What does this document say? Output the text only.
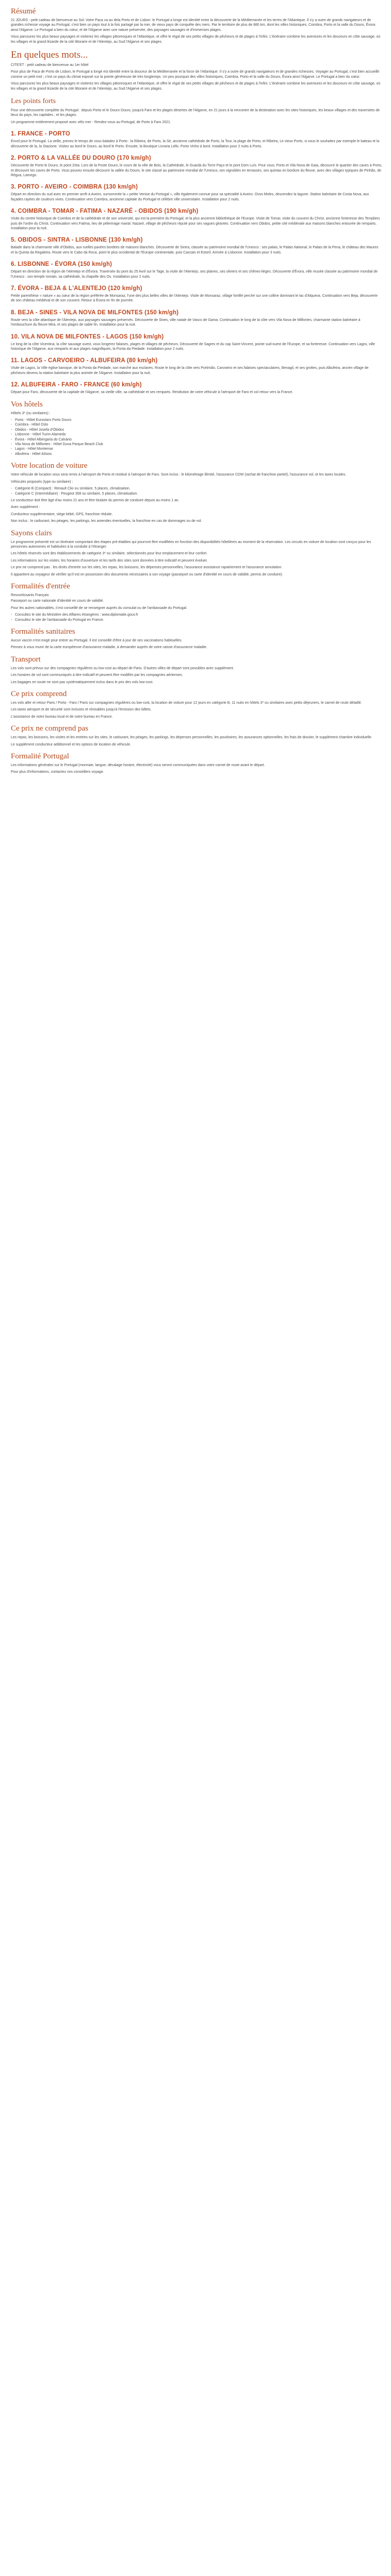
Résumé
21 JOURS - petit cadeau de bienvenue au Sol: Votre Paca va au dela Porto et de Lisbon: le Portugal a longe est identité entre la découverte de la Méditerranée et les terres de l'Atlantique. Il s'y a outre de grands navigateurs et de grandes richesse voyage au Portugal, c'est bien un pays tout à la fois partagé par la mer, de vieux pays de conquête des mers. Par le territoire de plus de 880 km, dont les villes historiques, Coimbra, Porto et la valle du Douro, Évora ainsi l'Algarve. Le Portugal a bien du cœur, et de l'Algarve avec une nature préservée, des paysages sauvages et d'immenses plages.
Vous parcourez les plus beaux paysages et visiterez les villages pittoresques et l'Atlantique, et offre le régal de ses petits villages de pêcheurs et de plages à l'infini. L'itinéraire combine les aventures et les douceurs en côte sauvage, où les villages et la grand lézarde de la cité littoraire et de l'Alentejo, au Sud l'Algarve et ses plages.
En quelques mots...
CITE'ET : petit cadeau de bienvenue au 1er hôtel
Pour plus de Paca de Porto de Lisbon, le Portugal a longé est identité entre la douceur de la Méditerranée et la force de l'Atlantique. Il s'y a outre de grands navigateurs et de grandes richesses. Voyager au Portugal, c'est bien accueillir comme un petit mot ; c'est un pays du climat exposé sur la pointe généreuse de très longtemps. Un peu pourquoi des villes historiques, Coimbra, Porto et la valle du Douro, Évora ainsi l'Algarve. Le Portugal a bien du cœur.
Vous parcourez les plus beaux paysages et visiterez les villages pittoresques et l'Atlantique, et offre le régal de ses petits villages de pêcheurs et de plages à l'infini. L'itinéraire combine les aventures et les douceurs en côte sauvage, où les villages et la grand lézarde de la cité littoraire et de l'Alentejo, au Sud l'Algarve et ses plages.
Les points forts
Pour une découverte complète du Portugal : depuis Porto et le Douro Douro, jusqu'à Faro et les plages désertes de l'Algarve, en 21 jours à la rencontre de la destination avec les sites historiques, les beaux villages et des traversées de lieux du pays, les capitales ; et les plages.
Un programme entièrement proposé avec vélo mer - Rendez-vous au Portugal, de Porto à Faro 2021.
1. FRANCE - PORTO
Envol pour le Portugal. La veille, prenez le temps de vous baladez à Porto : la Ribeira, de Porto, la Sé, ancienne cathédrale de Porto, la Tour, la plage de Porto, et Ribeira, Le vieux Porto, si vous le souhaitez par exemple le bateau et la découverte de la, la Stazione. Visitez au bord le Douro, au bord le Porto. Ensuite, la Boutique Livraria Lello. Porto Vinho à bord. Installation pour 2 nuits à Porto.
2. PORTO & LA VALLÉE DU DOURO (170 km/gh)
Découverte de Porto le Douro, le point Zeta. Lors de la Poste Douro, le cours de la ville de Bois, la Cathédrale, le Guarda du Torre Paço et le pont Dom Luís. Pour vous, Porto et Vila Nova de Gaia, découvrir le quartier des caves à Porto, et découvrir les caves de Porto. Vous pouvez ensuite découvrir la vallée du Douro, le site classé au patrimoine mondial de l'Unesco, ses vignobles en terrasses, ses quintas en bordure du fleuve, avec des villages typiques de Pinhão, de Régua, Lamego.
3. PORTO - AVEIRO - COIMBRA (130 km/gh)
Départ en direction du sud avec en premier arrêt à Aveiro, surnommée la « petite Venise du Portugal », ville également connue pour sa spécialité à Aveiro. Ovos Moles, descendez la lagune. Station balnéaire de Costa Nova, aux façades rayées de couleurs vives. Continuation vers Coimbra, ancienne capitale du Portugal et célèbre ville universitaire. Installation pour 2 nuits.
4. COIMBRA - TOMAR - FATIMA - NAZARÉ - OBIDOS (190 km/gh)
Visite du centre historique de Coimbra et de la cathédrale et de son université, qui est la première du Portugal, et la plus ancienne bibliothèque de l'Europe. Visite de Tomar, visite du couvent du Christ, ancienne forteresse des Templiers puis de l'ordre du Christ. Continuation vers Fatima, lieu de pèlerinage marial. Nazaré, village de pêcheurs réputé pour ses vagues géantes. Continuation vers Obidos, petite cité médiévale aux maisons blanches entourée de remparts. Installation pour la nuit.
5. OBIDOS - SINTRA - LISBONNE (130 km/gh)
Balade dans la charmante ville d'Obidos, aux ruelles pavées bordées de maisons blanches. Découverte de Sintra, classée au patrimoine mondial de l'Unesco : ses palais, le Palais National, le Palais de la Pena, le château des Maures et la Quinta da Regaleira. Route vers le Cabo da Roca, point le plus occidental de l'Europe continentale, puis Cascais et Estoril. Arrivée à Lisbonne. Installation pour 3 nuits.
6. LISBONNE - ÉVORA (150 km/gh)
Départ en direction de la région de l'Alentejo et d'Évora. Traversée du pont du 25 Avril sur le Tage, la visite de l'Alentejo, ses plaines, ses oliviers et ses chênes-lièges. Découverte d'Évora, ville musée classée au patrimoine mondial de l'Unesco : son temple romain, sa cathédrale, la chapelle des Os. Installation pour 2 nuits.
7. ÉVORA - BEJA & L'ALENTEJO (120 km/gh)
Petite parenthèse « nature » au cœur de la région préférée de Monsaraz, l'une des plus belles villes de l'Alentejo. Visite de Monsaraz, village fortifié perché sur une colline dominant le lac d'Alqueva. Continuation vers Beja, découverte de son château médiéval et de son couvent. Retour à Évora en fin de journée.
8. BEJA - SINES - VILA NOVA DE MILFONTES (150 km/gh)
Route vers la côte atlantique de l'Alentejo, aux paysages sauvages préservés. Découverte de Sines, ville natale de Vasco de Gama. Continuation le long de la côte vers Vila Nova de Milfontes, charmante station balnéaire à l'embouchure du fleuve Mira, et ses plages de sable fin. Installation pour la nuit.
10. VILA NOVA DE MILFONTES - LAGOS (150 km/gh)
Le long de la côte Vicentina, la côte sauvage ouest, vous longerez falaises, plages et villages de pêcheurs. Découverte de Sagres et du cap Saint-Vincent, pointe sud-ouest de l'Europe, et sa forteresse. Continuation vers Lagos, ville historique de l'Algarve, aux remparts et aux plages magnifiques, la Ponta da Piedade. Installation pour 2 nuits.
11. LAGOS - CARVOEIRO - ALBUFEIRA (80 km/gh)
Visite de Lagos, la Ville église baroque, de la Ponta da Piedade, son marché aux esclaves. Route le long de la côte vers Portimão, Carvoeiro et ses falaises spectaculaires, Benagil, et ses grottes, puis Albufeira, ancien village de pêcheurs devenu la station balnéaire la plus animée de l'Algarve. Installation pour la nuit.
12. ALBUFEIRA - FARO - FRANCE (60 km/gh)
Départ pour Faro, découverte de la capitale de l'Algarve, sa vieille ville, sa cathédrale et ses remparts. Restitution de votre véhicule à l'aéroport de Faro et vol retour vers la France.
Vos hôtels
Hôtels 3* (ou similaires) :
- Porto - Hôtel Eurostars Porto Douro
- Coimbra - Hôtel Oslo
- Obidos - Hôtel Josefa d'Óbidos
- Lisbonne - Hôtel Turim Alameda
- Évora - Hôtel Albergaria do Calvário
- Vila Nova de Milfontes - Hôtel Duna Parque Beach Club
- Lagos - Hôtel Montemar
- Albufeira - Hôtel Alísios
Votre location de voiture
Votre véhicule de location vous sera remis à l'aéroport de Porto et restitué à l'aéroport de Faro. Sont inclus : le kilométrage illimité, l'assurance CDW (rachat de franchise partiel), l'assurance vol, et les taxes locales.
Véhicules proposés (type ou similaire) :
- Catégorie B (Compact) : Renault Clio ou similaire, 5 places, climatisation.
- Catégorie C (Intermédiaire) : Peugeot 308 ou similaire, 5 places, climatisation.
Le conducteur doit être âgé d'au moins 21 ans et être titulaire du permis de conduire depuis au moins 1 an.
Avec supplément :
Conducteur supplémentaire, siège bébé, GPS, franchise réduite.
Non inclus : le carburant, les péages, les parkings, les amendes éventuelles, la franchise en cas de dommages ou de vol.
Sayons clairs
Le programme présenté est un itinéraire comportant des étapes pré-établies qui pourront être modifiées en fonction des disponibilités hôtelières au moment de la réservation. Les circuits en voiture de location sont conçus pour les personnes autonomes et habituées à la conduite à l'étranger.
Les hôtels réservés sont des établissements de catégorie 3* ou similaire, sélectionnés pour leur emplacement et leur confort.
Les informations sur les visites, les horaires d'ouverture et les tarifs des sites sont données à titre indicatif et peuvent évoluer.
Le prix ne comprend pas : les droits d'entrée sur les sites, les repas, les boissons, les dépenses personnelles, l'assurance assistance rapatriement et l'assurance annulation.
Il appartient au voyageur de vérifier qu'il est en possession des documents nécessaires à son voyage (passeport ou carte d'identité en cours de validité, permis de conduire).
Formalités d'entrée
Ressortissants Français
Passeport ou carte nationale d'identité en cours de validité.
Pour les autres nationalités, il est conseillé de se renseigner auprès du consulat ou de l'ambassade du Portugal.
- Consultez le site du Ministère des Affaires étrangères : www.diplomatie.gouv.fr
- Consultez le site de l'ambassade du Portugal en France.
Formalités sanitaires
Aucun vaccin n'est exigé pour entrer au Portugal. Il est conseillé d'être à jour de ses vaccinations habituelles.
Pensez à vous munir de la carte européenne d'assurance maladie, à demander auprès de votre caisse d'assurance maladie.
Transport
Les vols sont prévus sur des compagnies régulières ou low-cost au départ de Paris. D'autres villes de départ sont possibles avec supplément.
Les horaires de vol sont communiqués à titre indicatif et peuvent être modifiés par les compagnies aériennes.
Les bagages en soute ne sont pas systématiquement inclus dans le prix des vols low-cost.
Ce prix comprend
Les vols aller et retour Paris / Porto - Faro / Paris sur compagnies régulières ou low-cost, la location de voiture pour 12 jours en catégorie B, 11 nuits en hôtels 3* ou similaires avec petits déjeuners, le carnet de route détaillé.
Les taxes aéroport et de sécurité sont incluses et révisables jusqu'à l'émission des billets.
L'assistance de notre bureau local et de notre bureau en France.
Ce prix ne comprend pas
Les repas, les boissons, les visites et les entrées sur les sites, le carburant, les péages, les parkings, les dépenses personnelles, les pourboires, les assurances optionnelles, les frais de dossier, le supplément chambre individuelle.
Le supplément conducteur additionnel et les options de location de véhicule.
Formalité Portugal
Les informations générales sur le Portugal (monnaie, langue, décalage horaire, électricité) vous seront communiquées dans votre carnet de route avant le départ.
Pour plus d'informations, contactez nos conseillers voyage.
